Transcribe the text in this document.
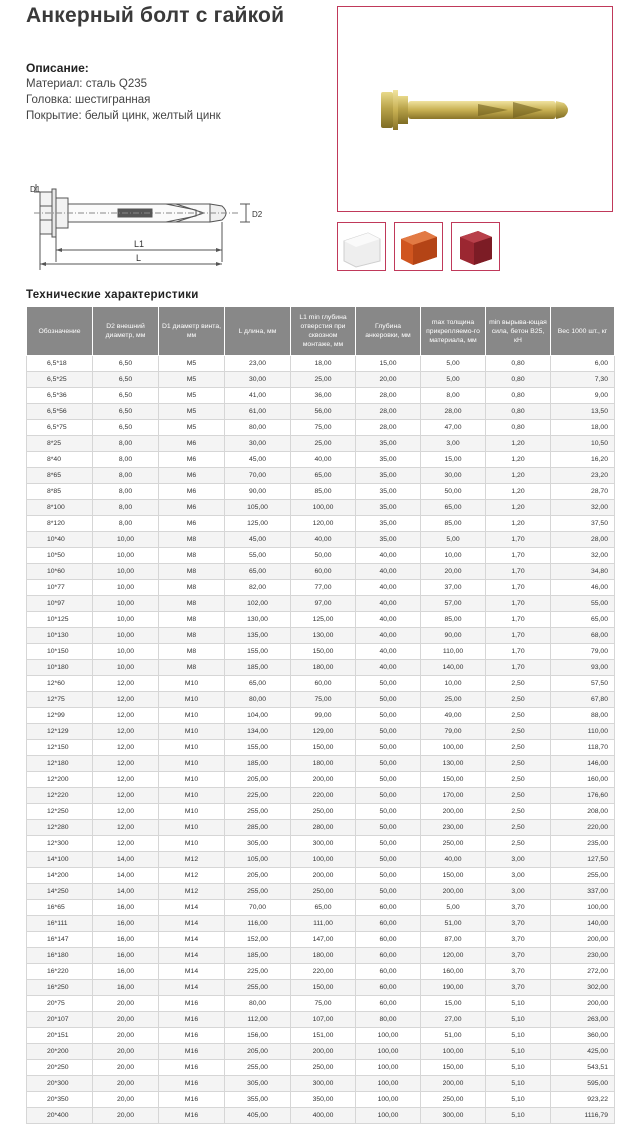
Анкерный болт с гайкой
Описание:
Материал: сталь Q235
Головка: шестигранная
Покрытие: белый цинк, желтый цинк
D1
D2
L1
L
Технические характеристики
Обозначение	D2 внешний диаметр, мм	D1 диаметр винта, мм	L длина, мм	L1 min глубина отверстия при сквозном монтаже, мм	Глубина анкеровки, мм	max толщина прикрепляемо-го материала, мм	min вырыва-ющая сила, бетон B25, кН	Вес 1000 шт., кг
6,5*18	6,50	M5	23,00	18,00	15,00	5,00	0,80	6,00
6,5*25	6,50	M5	30,00	25,00	20,00	5,00	0,80	7,30
6,5*36	6,50	M5	41,00	36,00	28,00	8,00	0,80	9,00
6,5*56	6,50	M5	61,00	56,00	28,00	28,00	0,80	13,50
6,5*75	6,50	M5	80,00	75,00	28,00	47,00	0,80	18,00
8*25	8,00	M6	30,00	25,00	35,00	3,00	1,20	10,50
8*40	8,00	M6	45,00	40,00	35,00	15,00	1,20	16,20
8*65	8,00	M6	70,00	65,00	35,00	30,00	1,20	23,20
8*85	8,00	M6	90,00	85,00	35,00	50,00	1,20	28,70
8*100	8,00	M6	105,00	100,00	35,00	65,00	1,20	32,00
8*120	8,00	M6	125,00	120,00	35,00	85,00	1,20	37,50
10*40	10,00	M8	45,00	40,00	35,00	5,00	1,70	28,00
10*50	10,00	M8	55,00	50,00	40,00	10,00	1,70	32,00
10*60	10,00	M8	65,00	60,00	40,00	20,00	1,70	34,80
10*77	10,00	M8	82,00	77,00	40,00	37,00	1,70	46,00
10*97	10,00	M8	102,00	97,00	40,00	57,00	1,70	55,00
10*125	10,00	M8	130,00	125,00	40,00	85,00	1,70	65,00
10*130	10,00	M8	135,00	130,00	40,00	90,00	1,70	68,00
10*150	10,00	M8	155,00	150,00	40,00	110,00	1,70	79,00
10*180	10,00	M8	185,00	180,00	40,00	140,00	1,70	93,00
12*60	12,00	M10	65,00	60,00	50,00	10,00	2,50	57,50
12*75	12,00	M10	80,00	75,00	50,00	25,00	2,50	67,80
12*99	12,00	M10	104,00	99,00	50,00	49,00	2,50	88,00
12*129	12,00	M10	134,00	129,00	50,00	79,00	2,50	110,00
12*150	12,00	M10	155,00	150,00	50,00	100,00	2,50	118,70
12*180	12,00	M10	185,00	180,00	50,00	130,00	2,50	146,00
12*200	12,00	M10	205,00	200,00	50,00	150,00	2,50	160,00
12*220	12,00	M10	225,00	220,00	50,00	170,00	2,50	176,60
12*250	12,00	M10	255,00	250,00	50,00	200,00	2,50	208,00
12*280	12,00	M10	285,00	280,00	50,00	230,00	2,50	220,00
12*300	12,00	M10	305,00	300,00	50,00	250,00	2,50	235,00
14*100	14,00	M12	105,00	100,00	50,00	40,00	3,00	127,50
14*200	14,00	M12	205,00	200,00	50,00	150,00	3,00	255,00
14*250	14,00	M12	255,00	250,00	50,00	200,00	3,00	337,00
16*65	16,00	M14	70,00	65,00	60,00	5,00	3,70	100,00
16*111	16,00	M14	116,00	111,00	60,00	51,00	3,70	140,00
16*147	16,00	M14	152,00	147,00	60,00	87,00	3,70	200,00
16*180	16,00	M14	185,00	180,00	60,00	120,00	3,70	230,00
16*220	16,00	M14	225,00	220,00	60,00	160,00	3,70	272,00
16*250	16,00	M14	255,00	150,00	60,00	190,00	3,70	302,00
20*75	20,00	M16	80,00	75,00	60,00	15,00	5,10	200,00
20*107	20,00	M16	112,00	107,00	80,00	27,00	5,10	263,00
20*151	20,00	M16	156,00	151,00	100,00	51,00	5,10	360,00
20*200	20,00	M16	205,00	200,00	100,00	100,00	5,10	425,00
20*250	20,00	M16	255,00	250,00	100,00	150,00	5,10	543,51
20*300	20,00	M16	305,00	300,00	100,00	200,00	5,10	595,00
20*350	20,00	M16	355,00	350,00	100,00	250,00	5,10	923,22
20*400	20,00	M16	405,00	400,00	100,00	300,00	5,10	1116,79
